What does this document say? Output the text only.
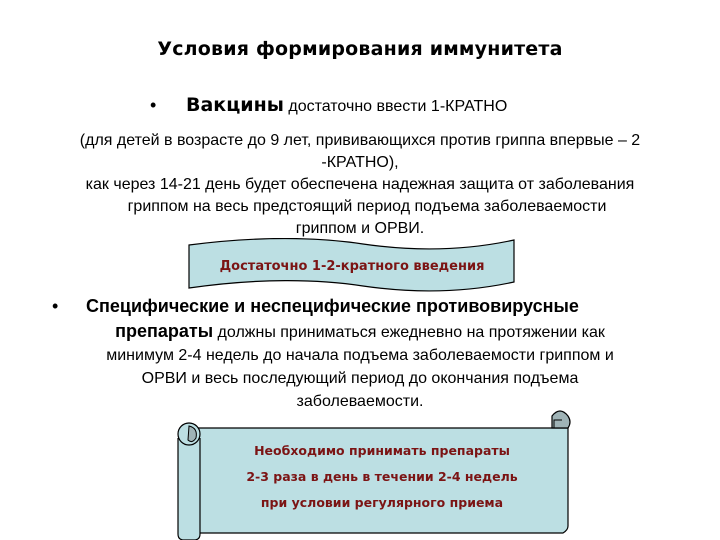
Условия формирования иммунитета
• Вакцины достаточно ввести 1-КРАТНО
(для детей в возрасте до 9 лет, прививающихся против гриппа впервые – 2
-КРАТНО),
как через 14-21 день будет обеспечена надежная защита от заболевания
гриппом на весь предстоящий период подъема заболеваемости
гриппом и ОРВИ.
Достаточно 1-2-кратного введения
• Специфические и неспецифические противовирусные
препараты должны приниматься ежедневно на протяжении как
минимум 2-4 недель до начала подъема заболеваемости гриппом и
ОРВИ и весь последующий период до окончания подъема
заболеваемости.
Необходимо принимать препараты
2-3 раза в день в течении 2-4 недель
при условии регулярного приема
